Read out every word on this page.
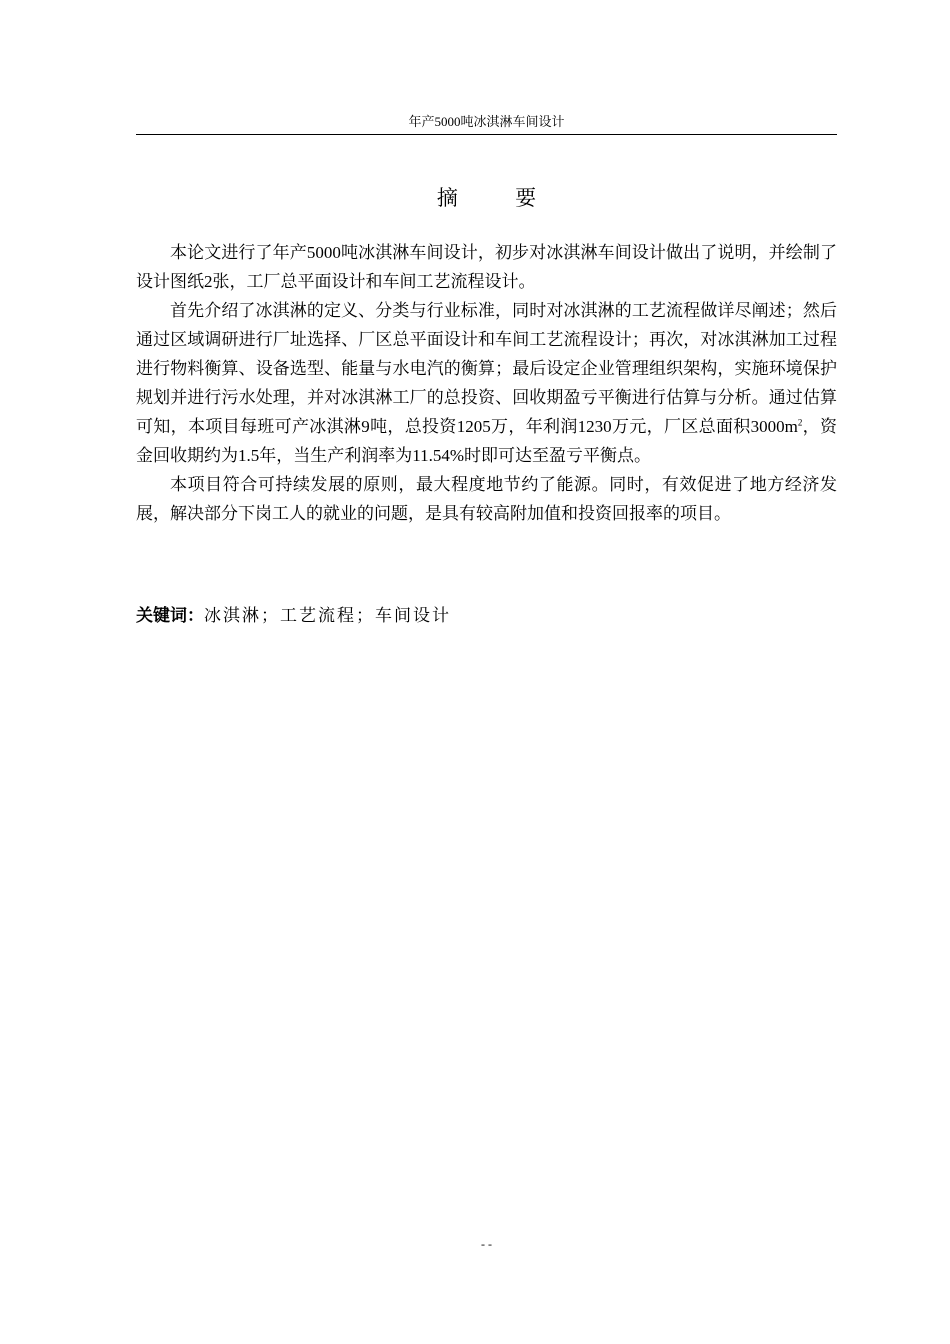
年产5000吨冰淇淋车间设计
摘 要

本论文进行了年产5000吨冰淇淋车间设计，初步对冰淇淋车间设计做出了说明，并绘制了设计图纸2张，工厂总平面设计和车间工艺流程设计。

首先介绍了冰淇淋的定义、分类与行业标准，同时对冰淇淋的工艺流程做详尽阐述；然后通过区域调研进行厂址选择、厂区总平面设计和车间工艺流程设计；再次，对冰淇淋加工过程进行物料衡算、设备选型、能量与水电汽的衡算；最后设定企业管理组织架构，实施环境保护规划并进行污水处理，并对冰淇淋工厂的总投资、回收期盈亏平衡进行估算与分析。通过估算可知，本项目每班可产冰淇淋9吨，总投资1205万，年利润1230万元，厂区总面积$3000m^2$，资金回收期约为1.5年，当生产利润率为11.54%时即可达至盈亏平衡点。

本项目符合可持续发展的原则，最大程度地节约了能源。同时，有效促进了地方经济发展，解决部分下岗工人的就业的问题，是具有较高附加值和投资回报率的项目。

关键词：冰淇淋；工艺流程；车间设计
- -
